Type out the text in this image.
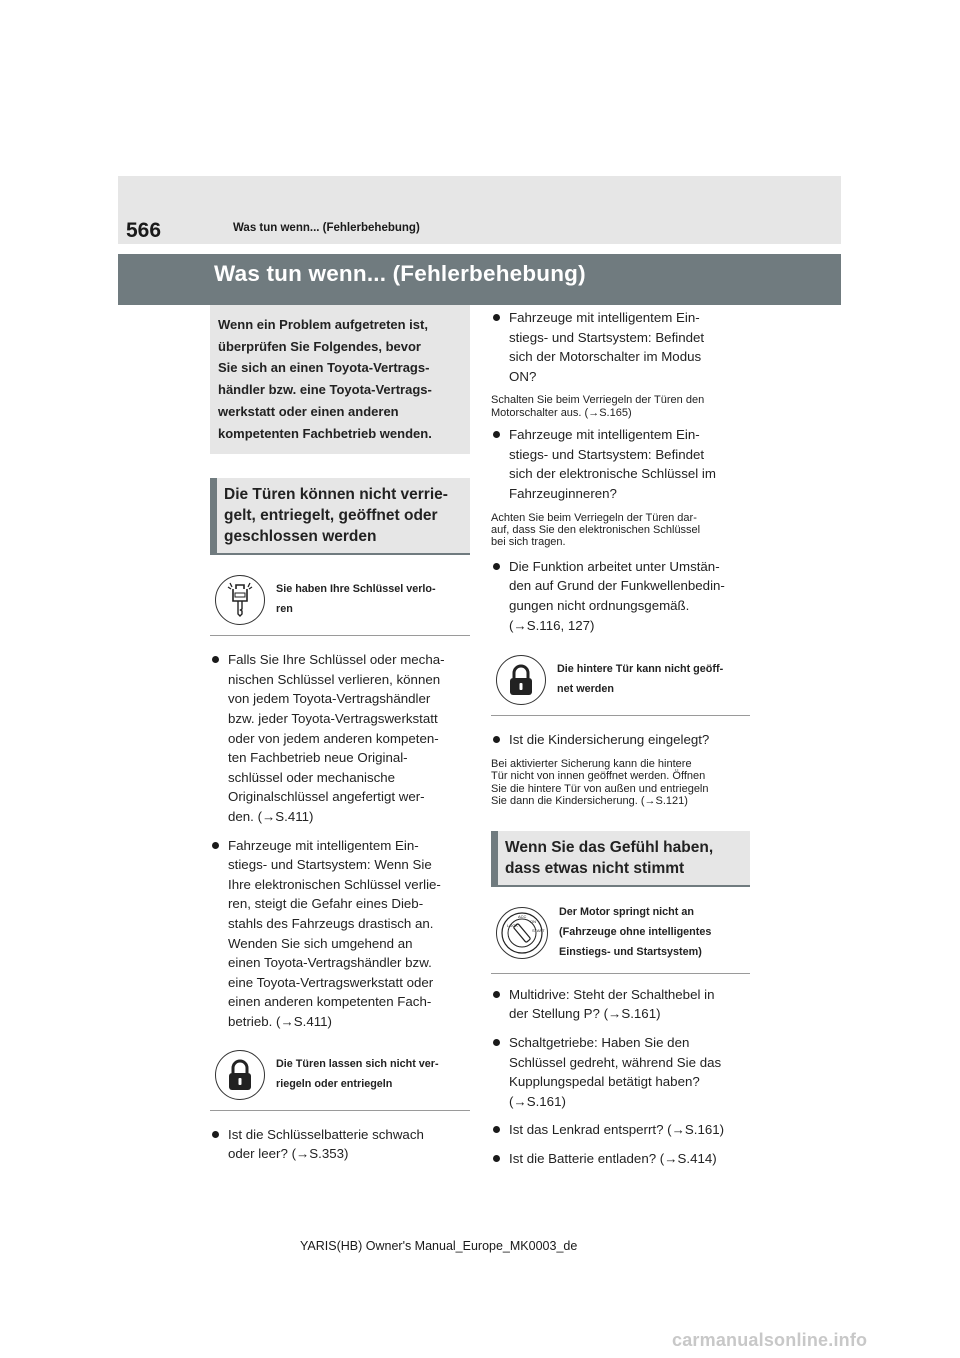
566	Was tun wenn... (Fehlerbehebung)
Was tun wenn... (Fehlerbehebung)
Wenn ein Problem aufgetreten ist,
überprüfen Sie Folgendes, bevor
Sie sich an einen Toyota-Vertrags-
händler bzw. eine Toyota-Vertrags-
werkstatt oder einen anderen
kompetenten Fachbetrieb wenden.
Die Türen können nicht verrie-
gelt, entriegelt, geöffnet oder
geschlossen werden
Sie haben Ihre Schlüssel verlo-
ren
Falls Sie Ihre Schlüssel oder mecha-
nischen Schlüssel verlieren, können
von jedem Toyota-Vertragshändler
bzw. jeder Toyota-Vertragswerkstatt
oder von jedem anderen kompeten-
ten Fachbetrieb neue Original-
schlüssel oder mechanische
Originalschlüssel angefertigt wer-
den. (→S.411)
Fahrzeuge mit intelligentem Ein-
stiegs- und Startsystem: Wenn Sie
Ihre elektronischen Schlüssel verlie-
ren, steigt die Gefahr eines Dieb-
stahls des Fahrzeugs drastisch an.
Wenden Sie sich umgehend an
einen Toyota-Vertragshändler bzw.
eine Toyota-Vertragswerkstatt oder
einen anderen kompetenten Fach-
betrieb. (→S.411)
Die Türen lassen sich nicht ver-
riegeln oder entriegeln
Ist die Schlüsselbatterie schwach
oder leer? (→S.353)
Fahrzeuge mit intelligentem Ein-
stiegs- und Startsystem: Befindet
sich der Motorschalter im Modus
ON?
Schalten Sie beim Verriegeln der Türen den
Motorschalter aus. (→S.165)
Fahrzeuge mit intelligentem Ein-
stiegs- und Startsystem: Befindet
sich der elektronische Schlüssel im
Fahrzeuginneren?
Achten Sie beim Verriegeln der Türen dar-
auf, dass Sie den elektronischen Schlüssel
bei sich tragen.
Die Funktion arbeitet unter Umstän-
den auf Grund der Funkwellenbedin-
gungen nicht ordnungsgemäß.
(→S.116, 127)
Die hintere Tür kann nicht geöff-
net werden
Ist die Kindersicherung eingelegt?
Bei aktivierter Sicherung kann die hintere
Tür nicht von innen geöffnet werden. Öffnen
Sie die hintere Tür von außen und entriegeln
Sie dann die Kindersicherung. (→S.121)
Wenn Sie das Gefühl haben,
dass etwas nicht stimmt
LOCK
ACC
ON
START
Der Motor springt nicht an
(Fahrzeuge ohne intelligentes
Einstiegs- und Startsystem)
Multidrive: Steht der Schalthebel in
der Stellung P? (→S.161)
Schaltgetriebe: Haben Sie den
Schlüssel gedreht, während Sie das
Kupplungspedal betätigt haben?
(→S.161)
Ist das Lenkrad entsperrt? (→S.161)
Ist die Batterie entladen? (→S.414)
YARIS(HB) Owner's Manual_Europe_MK0003_de
carmanualsonline.info
